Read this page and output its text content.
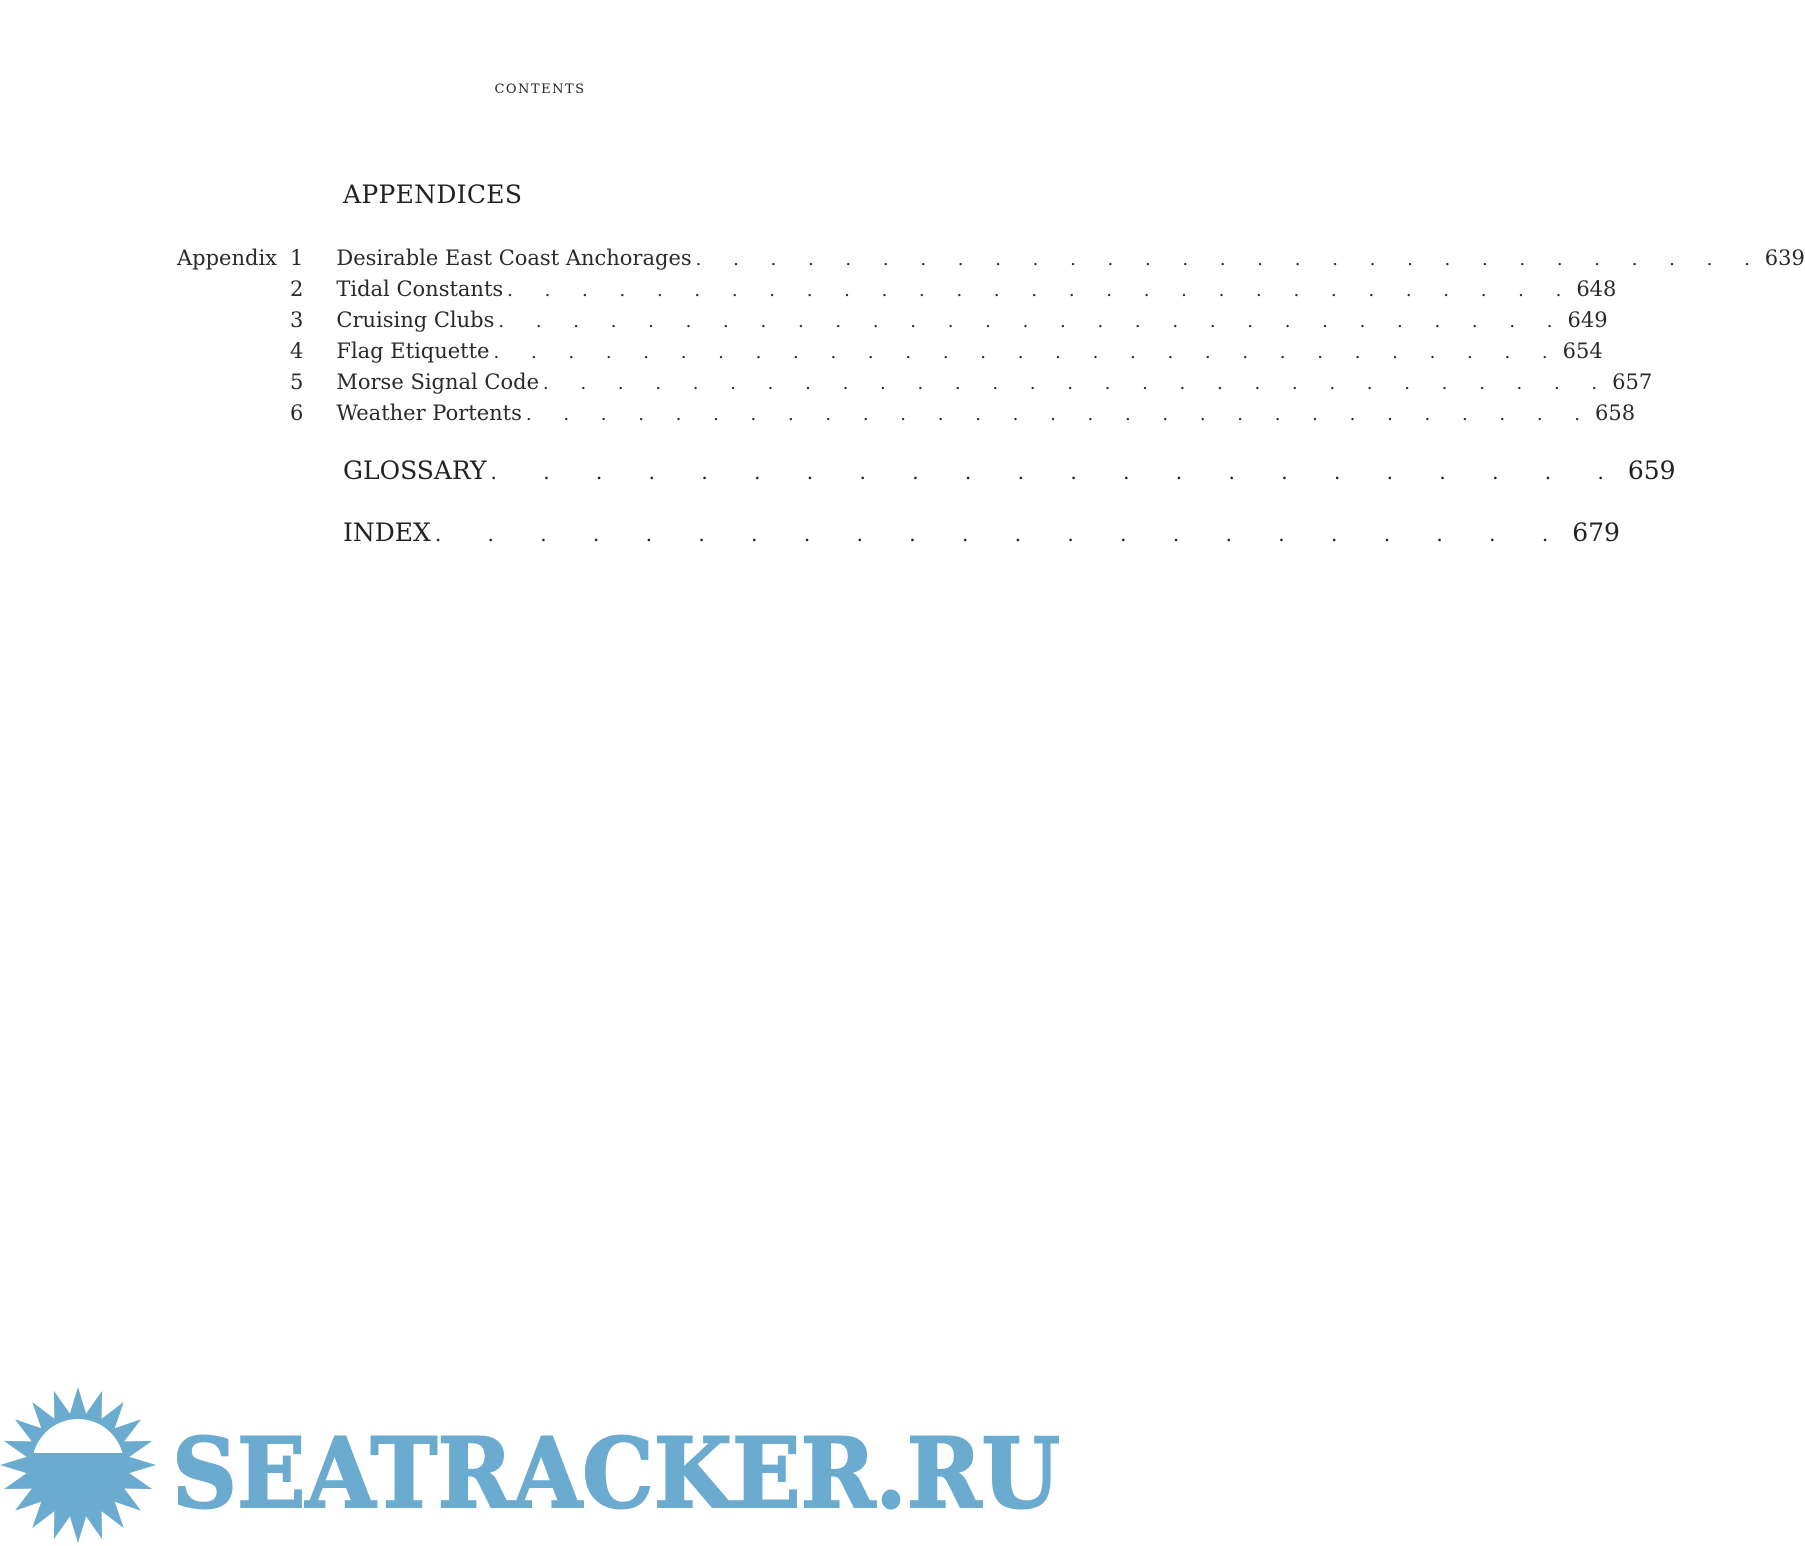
contents
APPENDICES
Appendix 1 Desirable East Coast Anchorages . . . . . . . . . . . . . . . . . . . . . . . . . . . . . 639
2 Tidal Constants . . . . . . . . . . . . . . . . . . . . . . . . . . . . . 648
3 Cruising Clubs . . . . . . . . . . . . . . . . . . . . . . . . . . . . . 649
4 Flag Etiquette . . . . . . . . . . . . . . . . . . . . . . . . . . . . . 654
5 Morse Signal Code . . . . . . . . . . . . . . . . . . . . . . . . . . . . . 657
6 Weather Portents . . . . . . . . . . . . . . . . . . . . . . . . . . . . . 658
GLOSSARY . . . . . . . . . . . . . . . . . . . . . . 659
INDEX . . . . . . . . . . . . . . . . . . . . . . 679
SEATRACKER.RU
